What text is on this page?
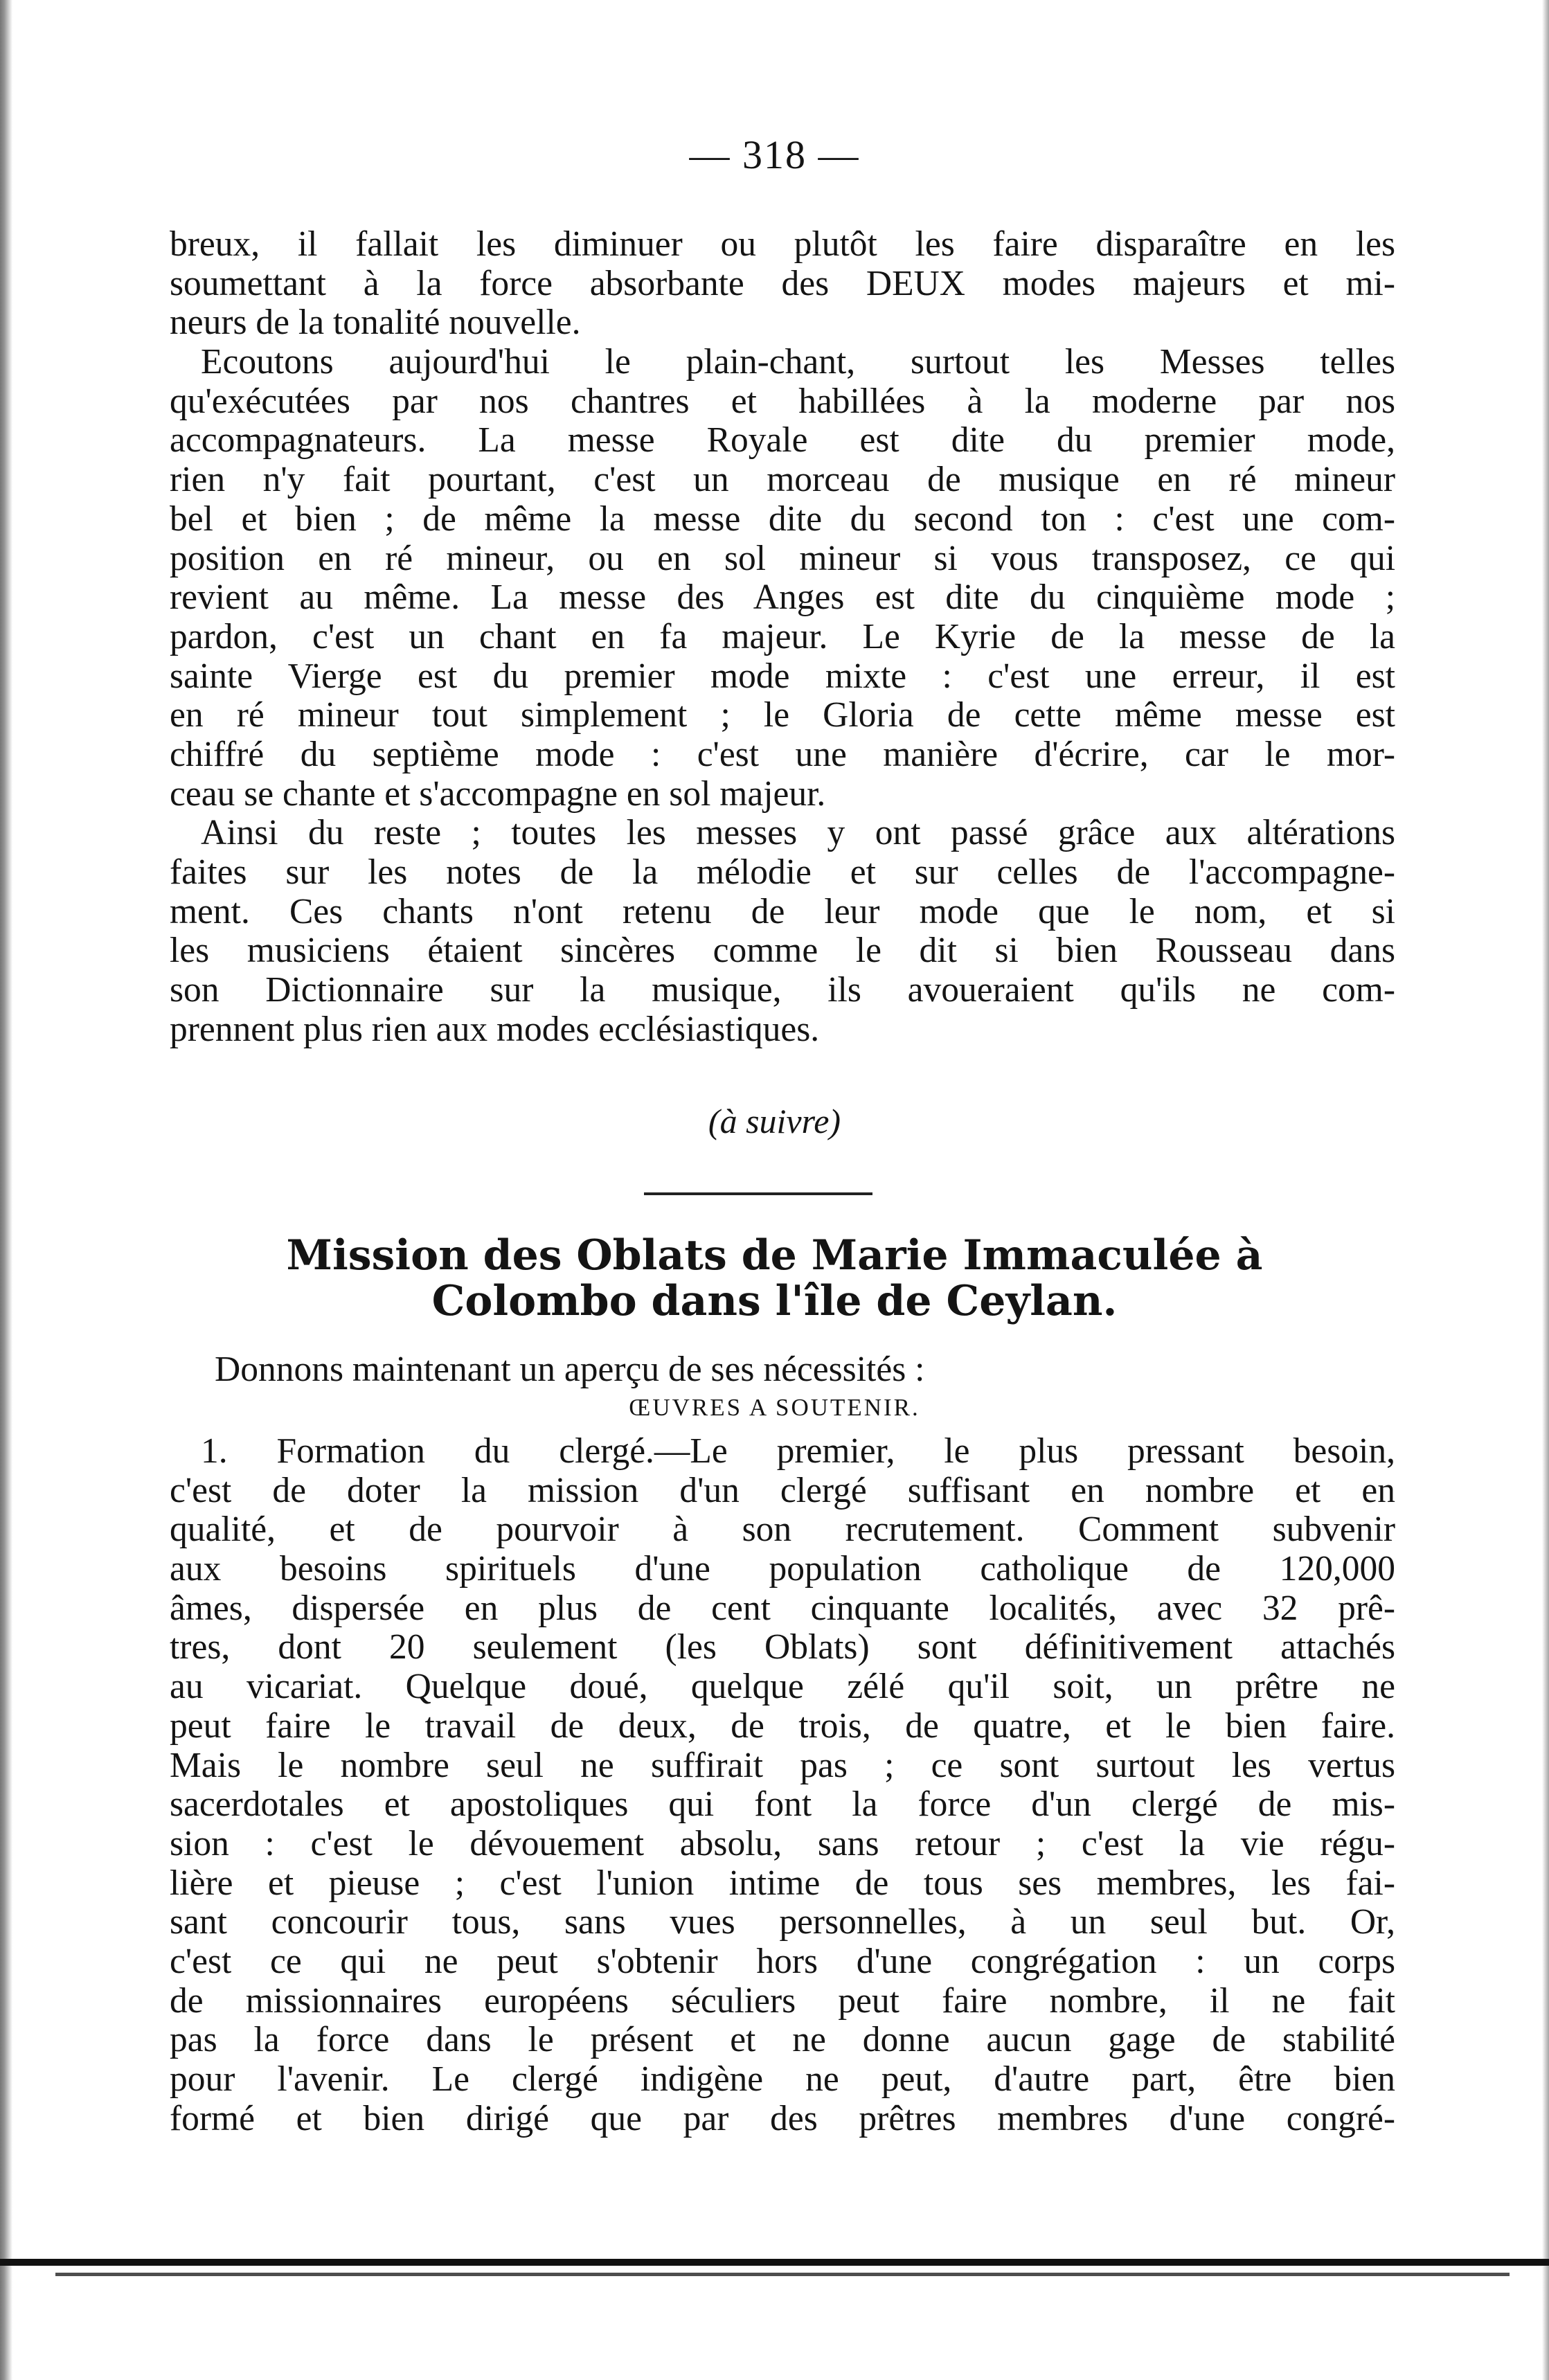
— 318 —
breux, il fallait les diminuer ou plutôt les faire disparaître en les
soumettant à la force absorbante des DEUX modes majeurs et mi-
neurs de la tonalité nouvelle.
Ecoutons aujourd'hui le plain-chant, surtout les Messes telles
qu'exécutées par nos chantres et habillées à la moderne par nos
accompagnateurs. La messe Royale est dite du premier mode,
rien n'y fait pourtant, c'est un morceau de musique en ré mineur
bel et bien ; de même la messe dite du second ton : c'est une com-
position en ré mineur, ou en sol mineur si vous transposez, ce qui
revient au même. La messe des Anges est dite du cinquième mode ;
pardon, c'est un chant en fa majeur. Le Kyrie de la messe de la
sainte Vierge est du premier mode mixte : c'est une erreur, il est
en ré mineur tout simplement ; le Gloria de cette même messe est
chiffré du septième mode : c'est une manière d'écrire, car le mor-
ceau se chante et s'accompagne en sol majeur.
Ainsi du reste ; toutes les messes y ont passé grâce aux altérations
faites sur les notes de la mélodie et sur celles de l'accompagne-
ment. Ces chants n'ont retenu de leur mode que le nom, et si
les musiciens étaient sincères comme le dit si bien Rousseau dans
son Dictionnaire sur la musique, ils avoueraient qu'ils ne com-
prennent plus rien aux modes ecclésiastiques.
(à suivre)
Mission des Oblats de Marie Immaculée à
Colombo dans l'île de Ceylan.
Donnons maintenant un aperçu de ses nécessités :
ŒUVRES A SOUTENIR.
1. Formation du clergé.—Le premier, le plus pressant besoin,
c'est de doter la mission d'un clergé suffisant en nombre et en
qualité, et de pourvoir à son recrutement. Comment subvenir
aux besoins spirituels d'une population catholique de 120,000
âmes, dispersée en plus de cent cinquante localités, avec 32 prê-
tres, dont 20 seulement (les Oblats) sont définitivement attachés
au vicariat. Quelque doué, quelque zélé qu'il soit, un prêtre ne
peut faire le travail de deux, de trois, de quatre, et le bien faire.
Mais le nombre seul ne suffirait pas ; ce sont surtout les vertus
sacerdotales et apostoliques qui font la force d'un clergé de mis-
sion : c'est le dévouement absolu, sans retour ; c'est la vie régu-
lière et pieuse ; c'est l'union intime de tous ses membres, les fai-
sant concourir tous, sans vues personnelles, à un seul but. Or,
c'est ce qui ne peut s'obtenir hors d'une congrégation : un corps
de missionnaires européens séculiers peut faire nombre, il ne fait
pas la force dans le présent et ne donne aucun gage de stabilité
pour l'avenir. Le clergé indigène ne peut, d'autre part, être bien
formé et bien dirigé que par des prêtres membres d'une congré-
